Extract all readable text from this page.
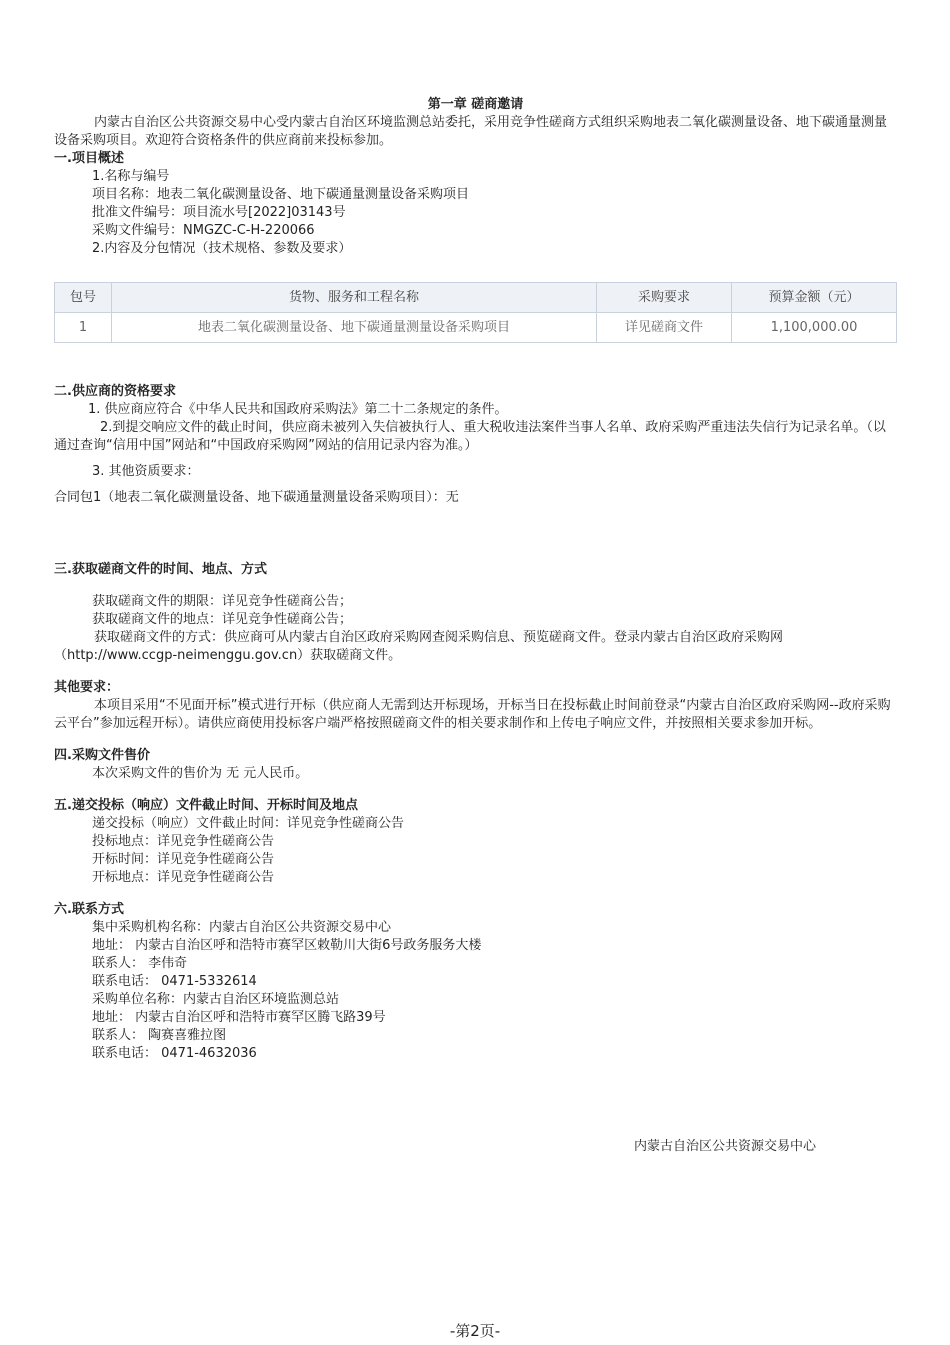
第一章 磋商邀请
内蒙古自治区公共资源交易中心受内蒙古自治区环境监测总站委托，采用竞争性磋商方式组织采购地表二氧化碳测量设备、地下碳通量测量设备采购项目。欢迎符合资格条件的供应商前来投标参加。
一.项目概述
1.名称与编号
项目名称：地表二氧化碳测量设备、地下碳通量测量设备采购项目
批准文件编号：项目流水号[2022]03143号
采购文件编号：NMGZC-C-H-220066
2.内容及分包情况（技术规格、参数及要求）
包号	货物、服务和工程名称	采购要求	预算金额（元）
1	地表二氧化碳测量设备、地下碳通量测量设备采购项目	详见磋商文件	1,100,000.00
二.供应商的资格要求
1. 供应商应符合《中华人民共和国政府采购法》第二十二条规定的条件。
2.到提交响应文件的截止时间，供应商未被列入失信被执行人、重大税收违法案件当事人名单、政府采购严重违法失信行为记录名单。（以通过查询“信用中国”网站和“中国政府采购网”网站的信用记录内容为准。）
3. 其他资质要求：
合同包1（地表二氧化碳测量设备、地下碳通量测量设备采购项目）：无
三.获取磋商文件的时间、地点、方式
获取磋商文件的期限：详见竞争性磋商公告；
获取磋商文件的地点：详见竞争性磋商公告；
获取磋商文件的方式：供应商可从内蒙古自治区政府采购网查阅采购信息、预览磋商文件。登录内蒙古自治区政府采购网（http://www.ccgp-neimenggu.gov.cn）获取磋商文件。
其他要求：
本项目采用“不见面开标”模式进行开标（供应商人无需到达开标现场，开标当日在投标截止时间前登录“内蒙古自治区政府采购网--政府采购云平台”参加远程开标）。请供应商使用投标客户端严格按照磋商文件的相关要求制作和上传电子响应文件，并按照相关要求参加开标。
四.采购文件售价
本次采购文件的售价为 无 元人民币。
五.递交投标（响应）文件截止时间、开标时间及地点
递交投标（响应）文件截止时间：详见竞争性磋商公告
投标地点：详见竞争性磋商公告
开标时间：详见竞争性磋商公告
开标地点：详见竞争性磋商公告
六.联系方式
集中采购机构名称：内蒙古自治区公共资源交易中心
地址： 内蒙古自治区呼和浩特市赛罕区敕勒川大街6号政务服务大楼
联系人： 李伟奇
联系电话： 0471-5332614
采购单位名称：内蒙古自治区环境监测总站
地址： 内蒙古自治区呼和浩特市赛罕区腾飞路39号
联系人： 陶赛喜雅拉图
联系电话： 0471-4632036
内蒙古自治区公共资源交易中心
-第2页-
